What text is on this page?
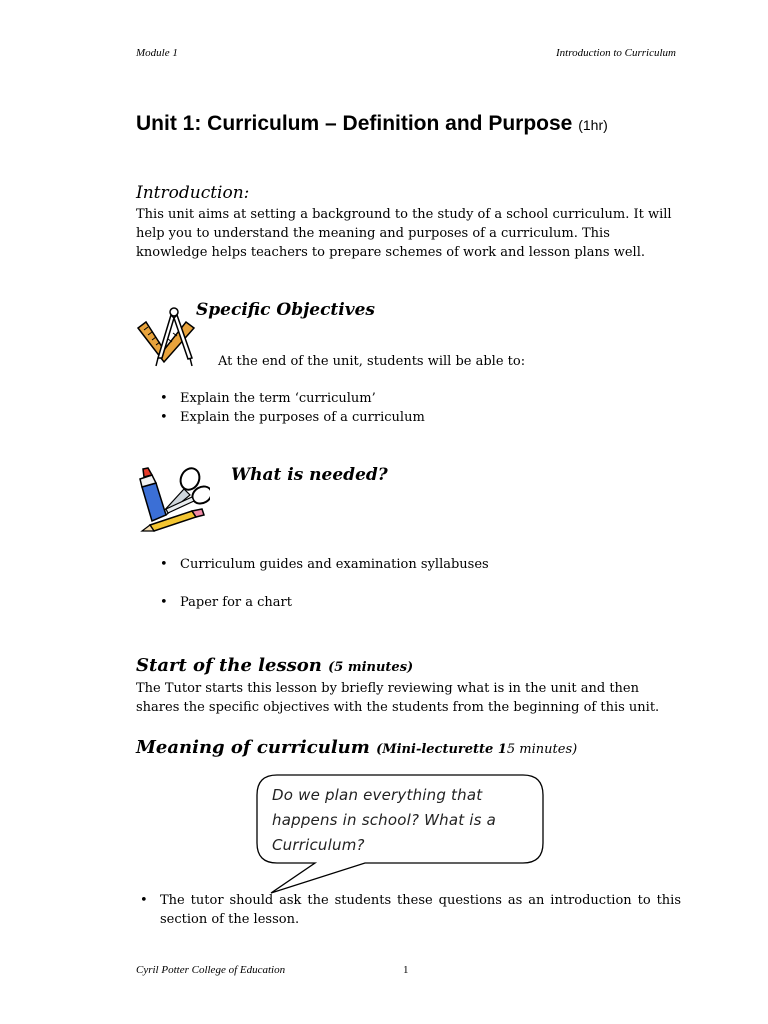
Module 1	Introduction to Curriculum
Unit 1: Curriculum – Definition and Purpose (1hr)
Introduction:
This unit aims at setting a background to the study of a school curriculum. It will help you to understand the meaning and purposes of a curriculum. This knowledge helps teachers to prepare schemes of work and lesson plans well.
Specific Objectives
At the end of the unit, students will be able to:
• Explain the term ‘curriculum’
• Explain the purposes of a curriculum
What is needed?
• Curriculum guides and examination syllabuses
• Paper for a chart
Start of the lesson (5 minutes)
The Tutor starts this lesson by briefly reviewing what is in the unit and then shares the specific objectives with the students from the beginning of this unit.
Meaning of curriculum (Mini-lecturette 15 minutes)
Do we plan everything that happens in school? What is a Curriculum?
• The tutor should ask the students these questions as an introduction to this section of the lesson.
Cyril Potter College of Education	1
